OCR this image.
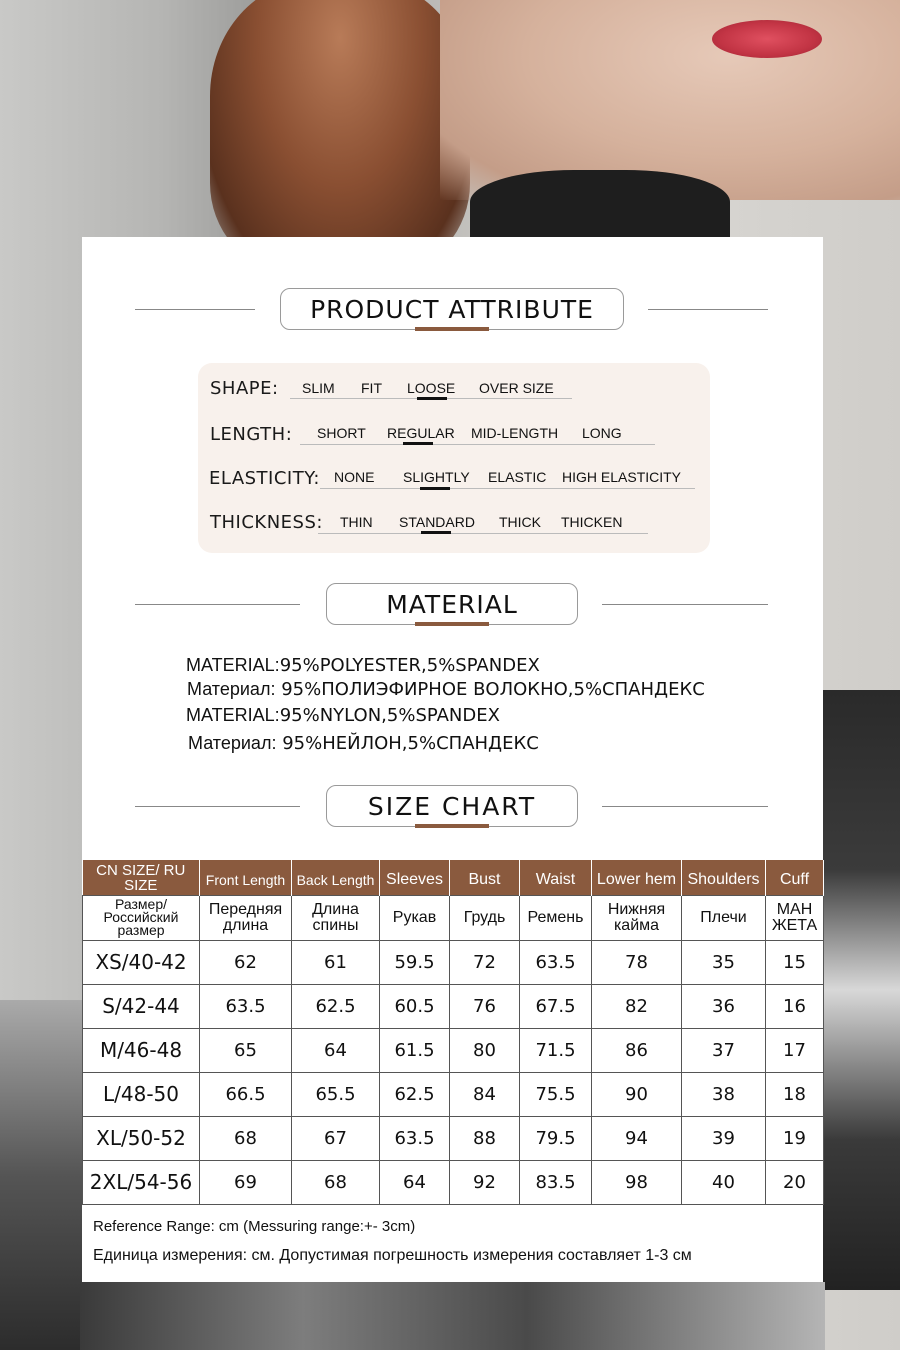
PRODUCT ATTRIBUTE
SHAPE: SLIM FIT LOOSE OVER SIZE
LENGTH: SHORT REGULAR MID-LENGTH LONG
ELASTICITY: NONE SLIGHTLY ELASTIC HIGH ELASTICITY
THICKNESS: THIN STANDARD THICK THICKEN
MATERIAL
MATERIAL:95%POLYESTER,5%SPANDEX
Материал: 95%ПОЛИЭФИРНОЕ ВОЛОКНО,5%СПАНДЕКС
MATERIAL:95%NYLON,5%SPANDEX
Материал: 95%НЕЙЛОН,5%СПАНДЕКС
SIZE CHART
CN SIZE/ RU SIZE	Front Length	Back Length	Sleeves	Bust	Waist	Lower hem	Shoulders	Cuff
Размер/ Российский размер	Передняя длина	Длина спины	Рукав	Грудь	Ремень	Нижняя кайма	Плечи	МАН ЖЕТА
XS/40-42	62	61	59.5	72	63.5	78	35	15
S/42-44	63.5	62.5	60.5	76	67.5	82	36	16
M/46-48	65	64	61.5	80	71.5	86	37	17
L/48-50	66.5	65.5	62.5	84	75.5	90	38	18
XL/50-52	68	67	63.5	88	79.5	94	39	19
2XL/54-56	69	68	64	92	83.5	98	40	20
Reference Range: cm (Messuring range:+- 3cm)
Единица измерения: см. Допустимая погрешность измерения составляет 1-3 см
